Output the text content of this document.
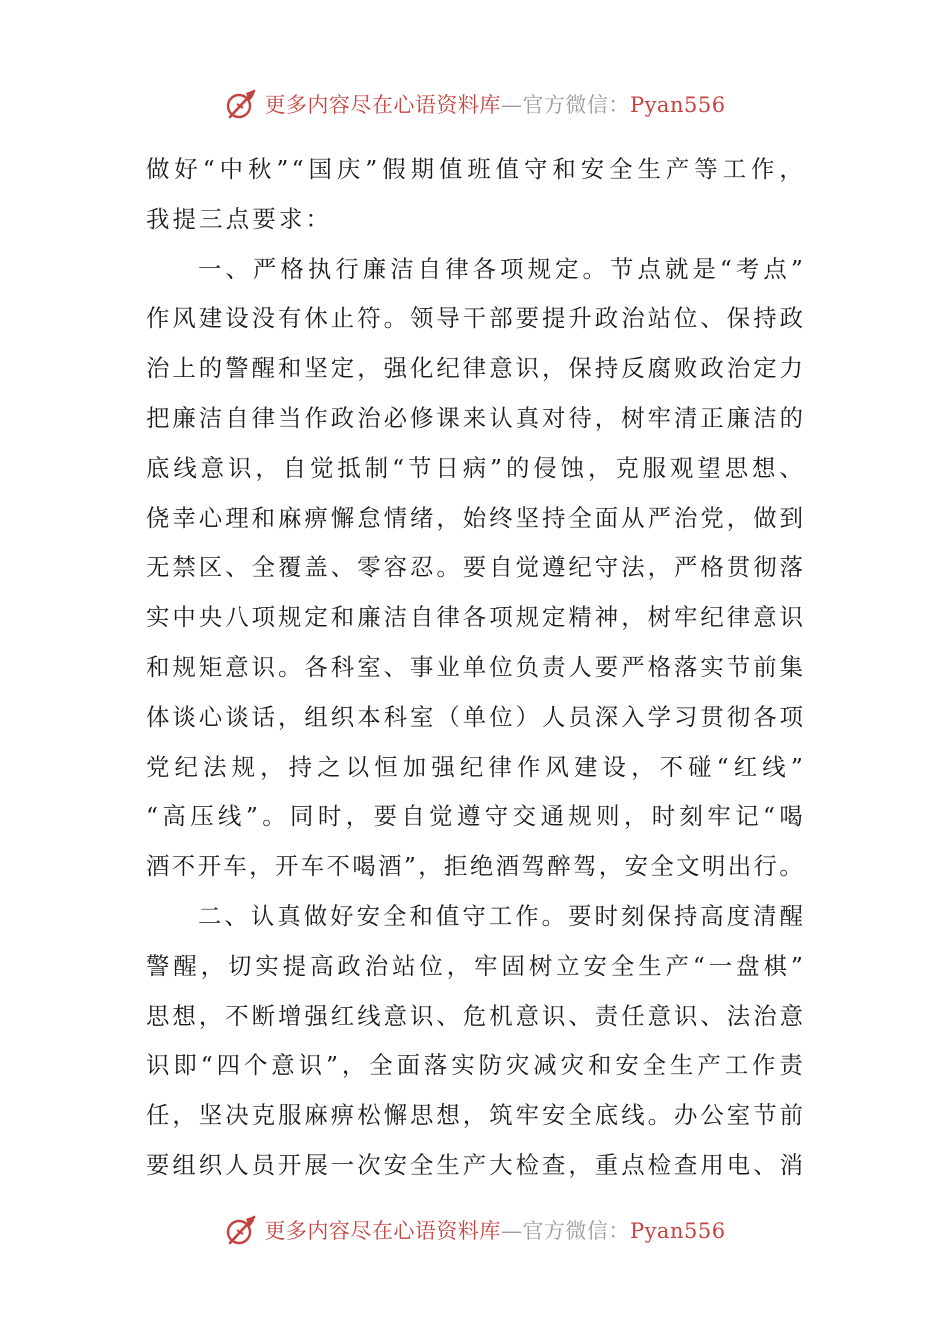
更多内容尽在心语资料库—官方微信：Pyan556
做好“中秋”“国庆”假期值班值守和安全生产等工作，
我提三点要求：
一、严格执行廉洁自律各项规定。节点就是“考点”
作风建设没有休止符。领导干部要提升政治站位、保持政
治上的警醒和坚定，强化纪律意识，保持反腐败政治定力
把廉洁自律当作政治必修课来认真对待，树牢清正廉洁的
底线意识，自觉抵制“节日病”的侵蚀，克服观望思想、
侥幸心理和麻痹懈怠情绪，始终坚持全面从严治党，做到
无禁区、全覆盖、零容忍。要自觉遵纪守法，严格贯彻落
实中央八项规定和廉洁自律各项规定精神，树牢纪律意识
和规矩意识。各科室、事业单位负责人要严格落实节前集
体谈心谈话，组织本科室（单位）人员深入学习贯彻各项
党纪法规，持之以恒加强纪律作风建设，不碰“红线”
“高压线”。同时，要自觉遵守交通规则，时刻牢记“喝
酒不开车，开车不喝酒”，拒绝酒驾醉驾，安全文明出行。
二、认真做好安全和值守工作。要时刻保持高度清醒
警醒，切实提高政治站位，牢固树立安全生产“一盘棋”
思想，不断增强红线意识、危机意识、责任意识、法治意
识即“四个意识”，全面落实防灾减灾和安全生产工作责
任，坚决克服麻痹松懈思想，筑牢安全底线。办公室节前
要组织人员开展一次安全生产大检查，重点检查用电、消
更多内容尽在心语资料库—官方微信：Pyan556
